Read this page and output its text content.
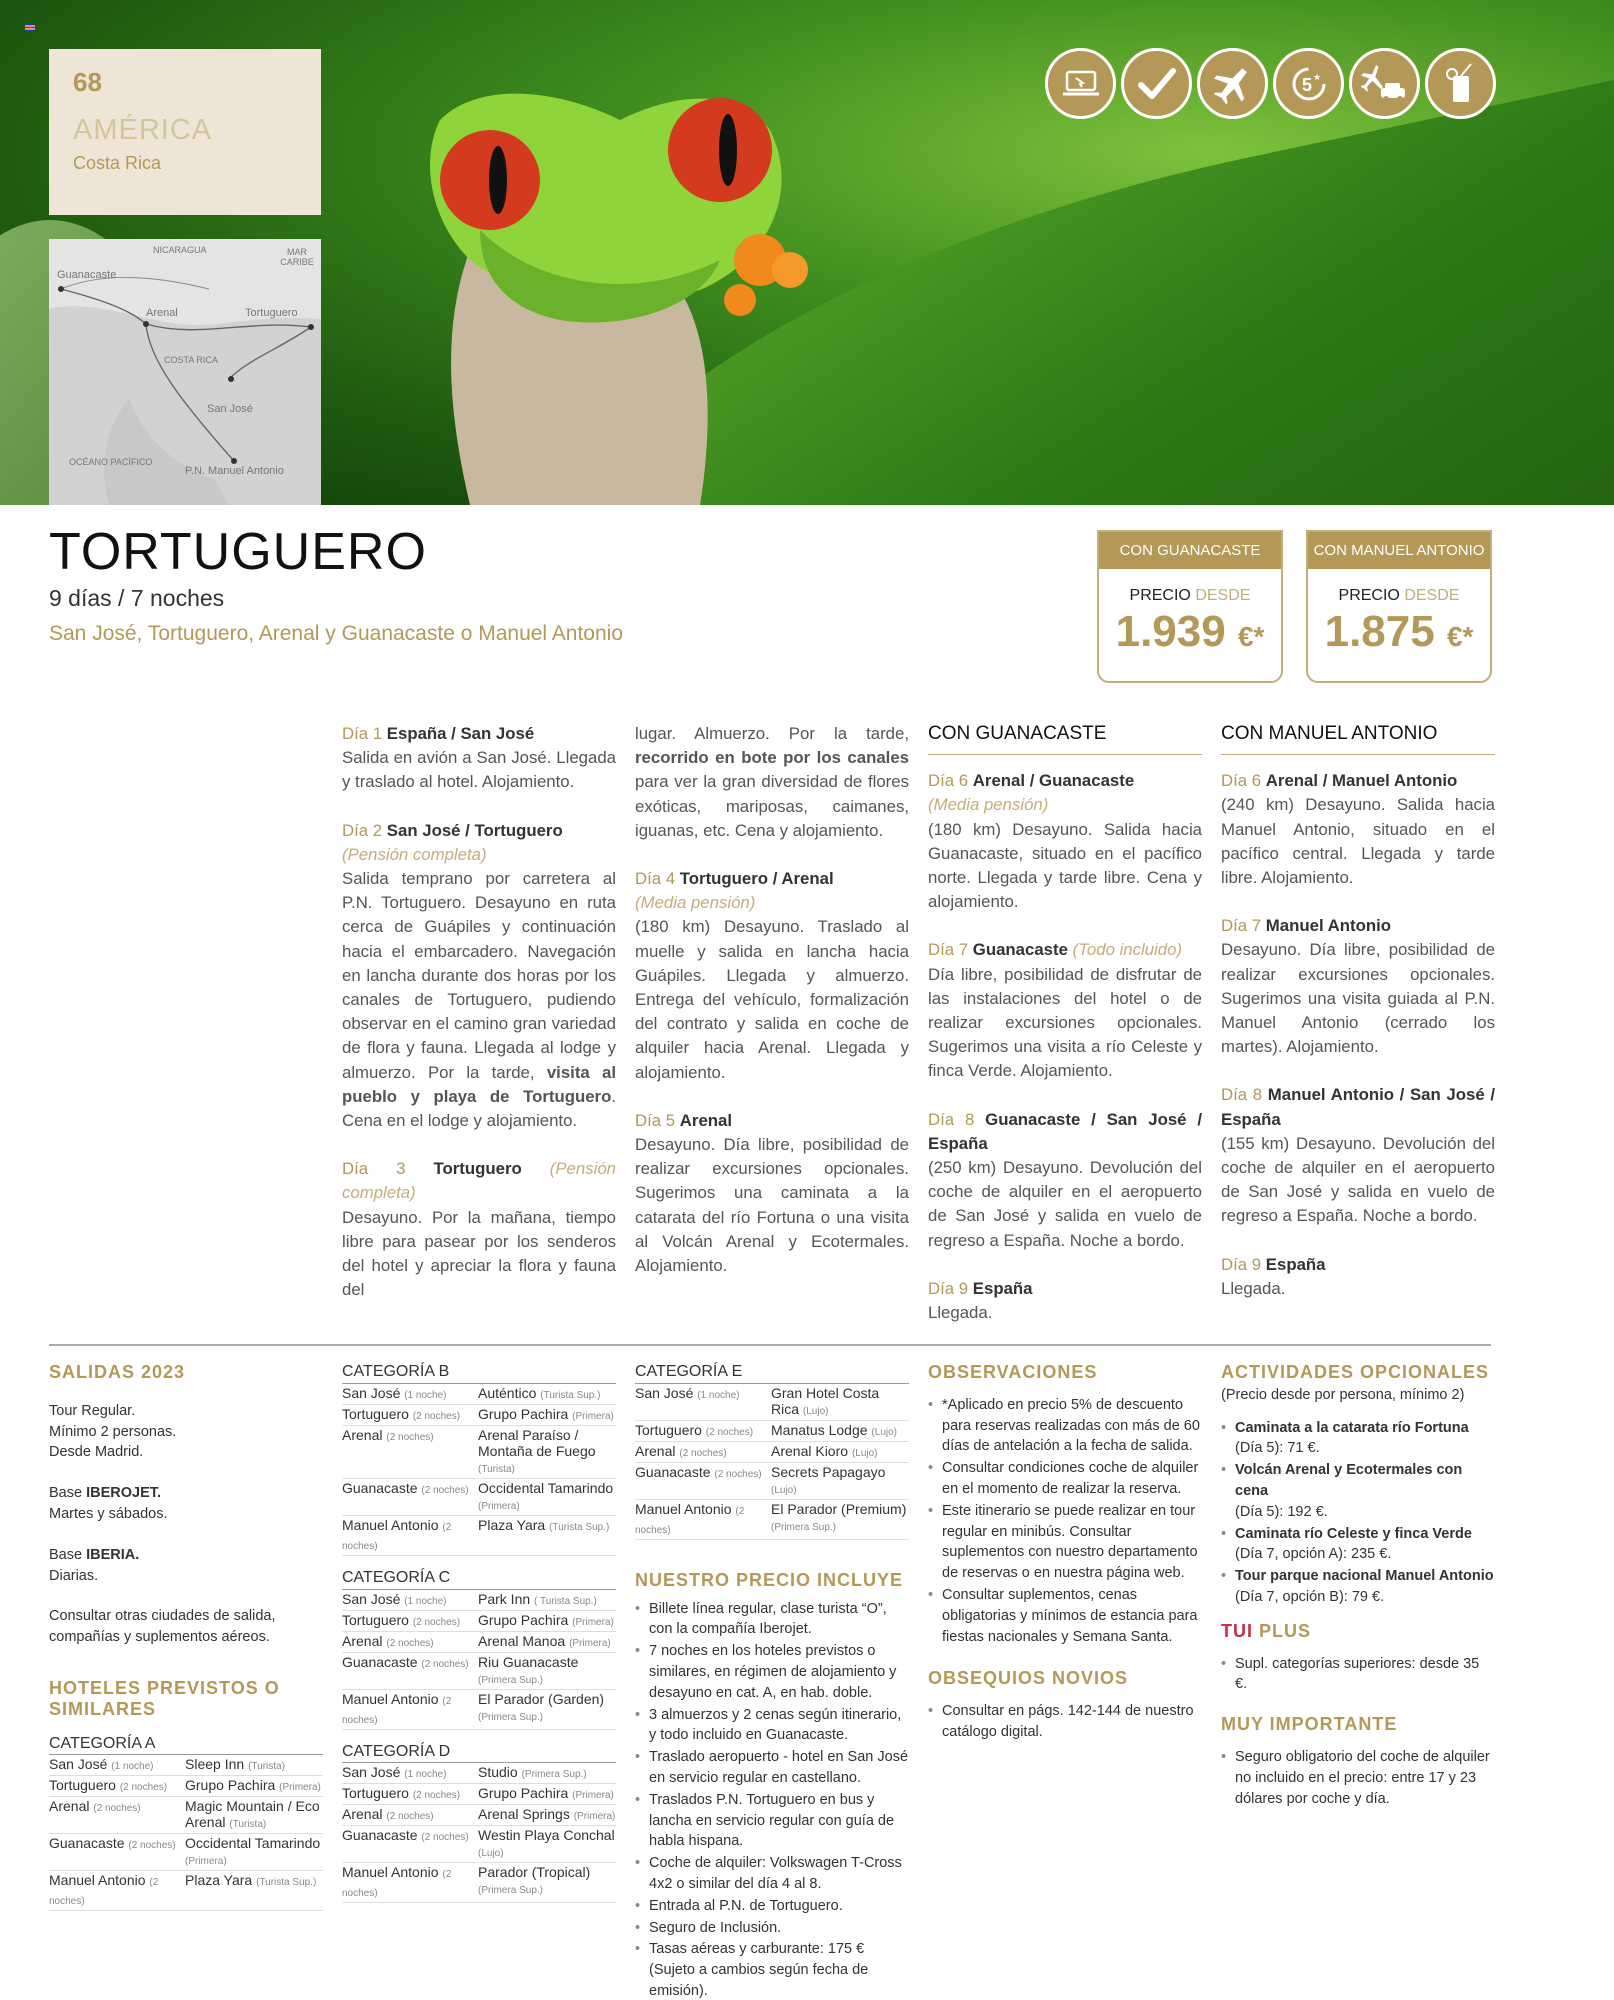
68
AMÉRICA
Costa Rica
NICARAGUA	MAR CARIBE
Guanacaste
Arenal	Tortuguero
COSTA RICA
San José
OCÉANO PACÍFICO
P.N. Manuel Antonio
5 ★
TORTUGUERO
9 días / 7 noches
San José, Tortuguero, Arenal y Guanacaste o Manuel Antonio
CON GUANACASTE
PRECIO DESDE
1.939 €*
CON MANUEL ANTONIO
PRECIO DESDE
1.875 €*

Día 1 España / San José

Salida en avión a San José. Llegada y traslado al hotel. Alojamiento.

Día 2 San José / Tortuguero

(Pensión completa)

Salida temprano por carretera al P.N. Tortuguero. Desayuno en ruta cerca de Guápiles y continuación hacia el embarcadero. Navegación en lancha durante dos horas por los canales de Tortuguero, pudiendo observar en el camino gran variedad de flora y fauna. Llegada al lodge y almuerzo. Por la tarde, visita al pueblo y playa de Tortuguero. Cena en el lodge y alojamiento.

Día 3 Tortuguero (Pensión completa)

Desayuno. Por la mañana, tiempo libre para pasear por los senderos del hotel y apreciar la flora y fauna del

lugar. Almuerzo. Por la tarde, recorrido en bote por los canales para ver la gran diversidad de flores exóticas, mariposas, caimanes, iguanas, etc. Cena y alojamiento.

Día 4 Tortuguero / Arenal

(Media pensión)

(180 km) Desayuno. Traslado al muelle y salida en lancha hacia Guápiles. Llegada y almuerzo. Entrega del vehículo, formalización del contrato y salida en coche de alquiler hacia Arenal. Llegada y alojamiento.

Día 5 Arenal

Desayuno. Día libre, posibilidad de realizar excursiones opcionales. Sugerimos una caminata a la catarata del río Fortuna o una visita al Volcán Arenal y Ecotermales. Alojamiento.

CON GUANACASTE

Día 6 Arenal / Guanacaste

(Media pensión)

(180 km) Desayuno. Salida hacia Guanacaste, situado en el pacífico norte. Llegada y tarde libre. Cena y alojamiento.

Día 7 Guanacaste (Todo incluido)

Día libre, posibilidad de disfrutar de las instalaciones del hotel o de realizar excursiones opcionales. Sugerimos una visita a río Celeste y finca Verde. Alojamiento.

Día 8 Guanacaste / San José / España

(250 km) Desayuno. Devolución del coche de alquiler en el aeropuerto de San José y salida en vuelo de regreso a España. Noche a bordo.

Día 9 España

Llegada.

CON MANUEL ANTONIO

Día 6 Arenal / Manuel Antonio

(240 km) Desayuno. Salida hacia Manuel Antonio, situado en el pacífico central. Llegada y tarde libre. Alojamiento.

Día 7 Manuel Antonio

Desayuno. Día libre, posibilidad de realizar excursiones opcionales. Sugerimos una visita guiada al P.N. Manuel Antonio (cerrado los martes). Alojamiento.

Día 8 Manuel Antonio / San José / España

(155 km) Desayuno. Devolución del coche de alquiler en el aeropuerto de San José y salida en vuelo de regreso a España. Noche a bordo.

Día 9 España

Llegada.

SALIDAS 2023
Tour Regular.
Mínimo 2 personas.
Desde Madrid.
Base IBEROJET.
Martes y sábados.
Base IBERIA.
Diarias.
Consultar otras ciudades de salida, compañías y suplementos aéreos.
HOTELES PREVISTOS O SIMILARES
CATEGORÍA A
San José (1 noche)	Sleep Inn (Turista)
Tortuguero (2 noches)	Grupo Pachira (Primera)
Arenal (2 noches)	Magic Mountain / Eco Arenal (Turista)
Guanacaste (2 noches)	Occidental Tamarindo (Primera)
Manuel Antonio (2 noches)	Plaza Yara (Turista Sup.)
CATEGORÍA B
San José (1 noche)	Auténtico (Turista Sup.)
Tortuguero (2 noches)	Grupo Pachira (Primera)
Arenal (2 noches)	Arenal Paraíso / Montaña de Fuego (Turista)
Guanacaste (2 noches)	Occidental Tamarindo (Primera)
Manuel Antonio (2 noches)	Plaza Yara (Turista Sup.)
CATEGORÍA C
San José (1 noche)	Park Inn ( Turista Sup.)
Tortuguero (2 noches)	Grupo Pachira (Primera)
Arenal (2 noches)	Arenal Manoa (Primera)
Guanacaste (2 noches)	Riu Guanacaste (Primera Sup.)
Manuel Antonio (2 noches)	El Parador (Garden) (Primera Sup.)
CATEGORÍA D
San José (1 noche)	Studio (Primera Sup.)
Tortuguero (2 noches)	Grupo Pachira (Primera)
Arenal (2 noches)	Arenal Springs (Primera)
Guanacaste (2 noches)	Westin Playa Conchal (Lujo)
Manuel Antonio (2 noches)	Parador (Tropical) (Primera Sup.)
CATEGORÍA E
San José (1 noche)	Gran Hotel Costa Rica (Lujo)
Tortuguero (2 noches)	Manatus Lodge (Lujo)
Arenal (2 noches)	Arenal Kioro (Lujo)
Guanacaste (2 noches)	Secrets Papagayo (Lujo)
Manuel Antonio (2 noches)	El Parador (Premium) (Primera Sup.)
NUESTRO PRECIO INCLUYE
• Billete línea regular, clase turista “O”, con la compañía Iberojet.
• 7 noches en los hoteles previstos o similares, en régimen de alojamiento y desayuno en cat. A, en hab. doble.
• 3 almuerzos y 2 cenas según itinerario, y todo incluido en Guanacaste.
• Traslado aeropuerto - hotel en San José en servicio regular en castellano.
• Traslados P.N. Tortuguero en bus y lancha en servicio regular con guía de habla hispana.
• Coche de alquiler: Volkswagen T-Cross 4x2 o similar del día 4 al 8.
• Entrada al P.N. de Tortuguero.
• Seguro de Inclusión.
• Tasas aéreas y carburante: 175 € (Sujeto a cambios según fecha de emisión).
OBSERVACIONES
• *Aplicado en precio 5% de descuento para reservas realizadas con más de 60 días de antelación a la fecha de salida.
• Consultar condiciones coche de alquiler en el momento de realizar la reserva.
• Este itinerario se puede realizar en tour regular en minibús. Consultar suplementos con nuestro departamento de reservas o en nuestra página web.
• Consultar suplementos, cenas obligatorias y mínimos de estancia para fiestas nacionales y Semana Santa.
OBSEQUIOS NOVIOS
• Consultar en págs. 142-144 de nuestro catálogo digital.
ACTIVIDADES OPCIONALES
(Precio desde por persona, mínimo 2)
• Caminata a la catarata río Fortuna
(Día 5): 71 €.
• Volcán Arenal y Ecotermales con cena
(Día 5): 192 €.
• Caminata río Celeste y finca Verde
(Día 7, opción A): 235 €.
• Tour parque nacional Manuel Antonio
(Día 7, opción B): 79 €.
TUI PLUS
• Supl. categorías superiores: desde 35 €.
MUY IMPORTANTE
• Seguro obligatorio del coche de alquiler no incluido en el precio: entre 17 y 23 dólares por coche y día.
